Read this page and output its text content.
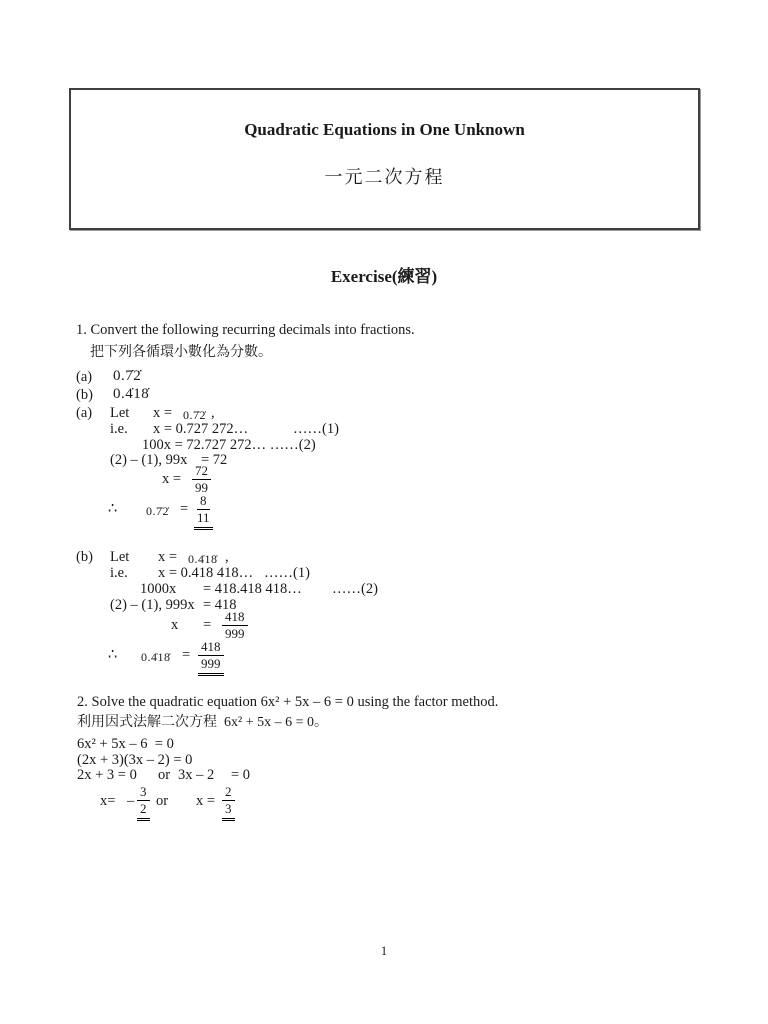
Quadratic Equations in One Unknown
一元二次方程
Exercise(練習)
1. Convert the following recurring decimals into fractions.
把下列各循環小數化為分數。
(a) 0.7̇2̇
(b) 0.4̇18̇
(a) Let x = 0.7̇2̇ ,
i.e. x = 0.727 272…	……(1)
100x = 72.727 272… ……(2)
(2) – (1), 99x = 72
$x = \frac{72}{99}$
∴ 0.7̇2̇ = $\frac{8}{11}$
(b) Let x = 0.4̇18̇ ,
i.e. x = 0.418 418… ……(1)
1000x = 418.418 418… ……(2)
(2) – (1), 999x = 418
$x = \frac{418}{999}$
∴ 0.4̇18̇ = $\frac{418}{999}$
2. Solve the quadratic equation 6x² + 5x – 6 = 0 using the factor method.
利用因式法解二次方程  6x² + 5x – 6 = 0。
6x² + 5x – 6  = 0
(2x + 3)(3x – 2) = 0
2x + 3 = 0 or 3x – 2 = 0
$x= - \frac{3}{2}$ or $x = \frac{2}{3}$
1
